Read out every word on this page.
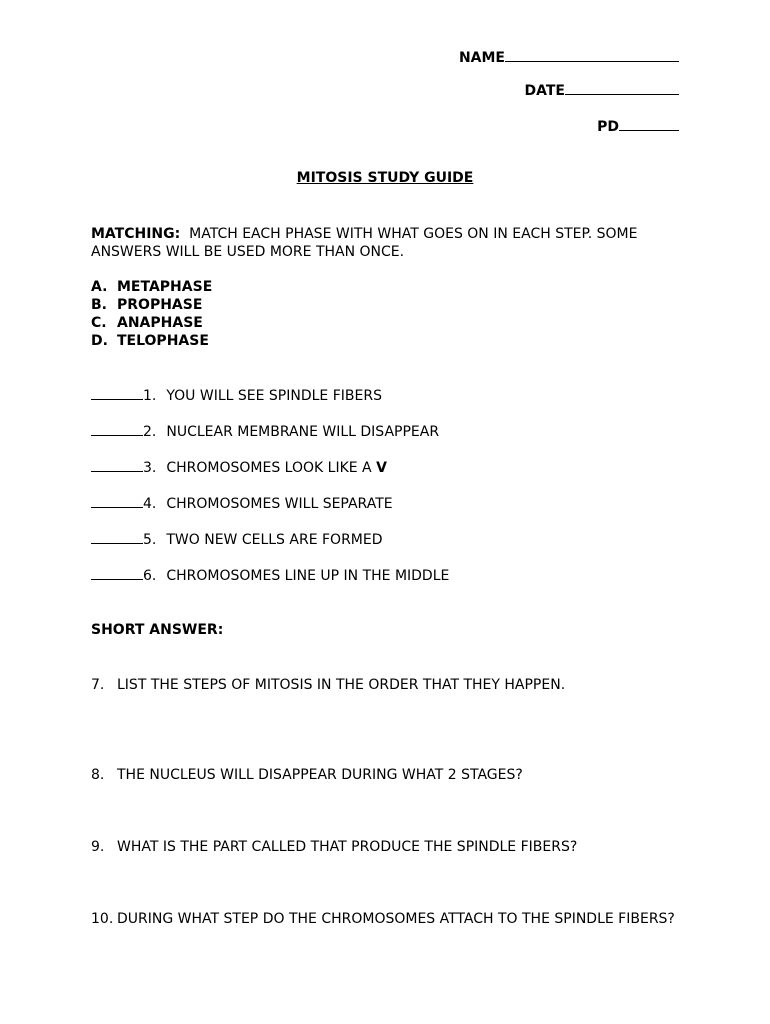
NAME
DATE
PD
MITOSIS STUDY GUIDE
MATCHING: MATCH EACH PHASE WITH WHAT GOES ON IN EACH STEP. SOME ANSWERS WILL BE USED MORE THAN ONCE.
A. METAPHASE
B. PROPHASE
C. ANAPHASE
D. TELOPHASE
1. YOU WILL SEE SPINDLE FIBERS
2. NUCLEAR MEMBRANE WILL DISAPPEAR
3. CHROMOSOMES LOOK LIKE A V
4. CHROMOSOMES WILL SEPARATE
5. TWO NEW CELLS ARE FORMED
6. CHROMOSOMES LINE UP IN THE MIDDLE
SHORT ANSWER:
7. LIST THE STEPS OF MITOSIS IN THE ORDER THAT THEY HAPPEN.
8. THE NUCLEUS WILL DISAPPEAR DURING WHAT 2 STAGES?
9. WHAT IS THE PART CALLED THAT PRODUCE THE SPINDLE FIBERS?
10. DURING WHAT STEP DO THE CHROMOSOMES ATTACH TO THE SPINDLE FIBERS?
